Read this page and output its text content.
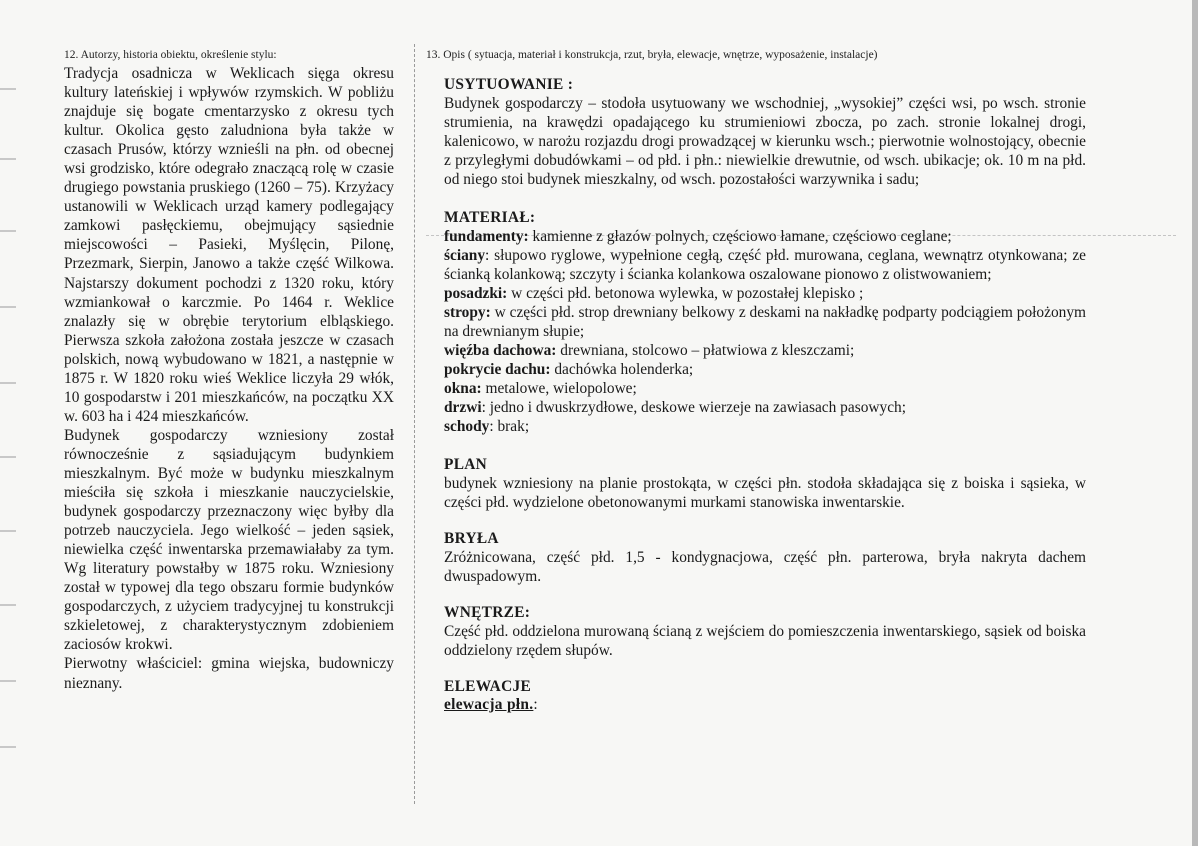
12. Autorzy, historia obiektu, określenie stylu:

Tradycja osadnicza w Weklicach sięga okresu kultury lateńskiej i wpływów rzymskich. W pobliżu znajduje się bogate cmentarzysko z okresu tych kultur. Okolica gęsto zaludniona była także w czasach Prusów, którzy wznieśli na płn. od obecnej wsi grodzisko, które odegrało znaczącą rolę w czasie drugiego powstania pruskiego (1260 – 75). Krzyżacy ustanowili w Weklicach urząd kamery podlegający zamkowi pasłęckiemu, obejmujący sąsiednie miejscowości – Pasieki, Myślęcin, Pilonę, Przezmark, Sierpin, Janowo a także część Wilkowa. Najstarszy dokument pochodzi z 1320 roku, który wzmiankował o karczmie. Po 1464 r. Weklice znalazły się w obrębie terytorium elbląskiego. Pierwsza szkoła założona została jeszcze w czasach polskich, nową wybudowano w 1821, a następnie w 1875 r. W 1820 roku wieś Weklice liczyła 29 włók, 10 gospodarstw i 201 mieszkańców, na początku XX w. 603 ha i 424 mieszkańców.

Budynek gospodarczy wzniesiony został równocześnie z sąsiadującym budynkiem mieszkalnym. Być może w budynku mieszkalnym mieściła się szkoła i mieszkanie nauczycielskie, budynek gospodarczy przeznaczony więc byłby dla potrzeb nauczyciela. Jego wielkość – jeden sąsiek, niewielka część inwentarska przemawiałaby za tym. Wg literatury powstałby w 1875 roku. Wzniesiony został w typowej dla tego obszaru formie budynków gospodarczych, z użyciem tradycyjnej tu konstrukcji szkieletowej, z charakterystycznym zdobieniem zaciosów krokwi.

Pierwotny właściciel: gmina wiejska, budowniczy nieznany.

13. Opis ( sytuacja, materiał i konstrukcja, rzut, bryła, elewacje, wnętrze, wyposażenie, instalacje)
USYTUOWANIE :
Budynek gospodarczy – stodoła usytuowany we wschodniej, „wysokiej” części wsi, po wsch. stronie strumienia, na krawędzi opadającego ku strumieniowi zbocza, po zach. stronie lokalnej drogi, kalenicowo, w narożu rozjazdu drogi prowadzącej w kierunku wsch.; pierwotnie wolnostojący, obecnie z przyległymi dobudówkami – od płd. i płn.: niewielkie drewutnie, od wsch. ubikacje; ok. 10 m na płd. od niego stoi budynek mieszkalny, od wsch. pozostałości warzywnika i sadu;
MATERIAŁ:
fundamenty: kamienne z głazów polnych, częściowo łamane, częściowo ceglane;
ściany: słupowo ryglowe, wypełnione cegłą, część płd. murowana, ceglana, wewnątrz otynkowana; ze ścianką kolankową; szczyty i ścianka kolankowa oszalowane pionowo z olistwowaniem;
posadzki: w części płd. betonowa wylewka, w pozostałej klepisko ;
stropy: w części płd. strop drewniany belkowy z deskami na nakładkę podparty podciągiem położonym na drewnianym słupie;
więźba dachowa: drewniana, stolcowo – płatwiowa z kleszczami;
pokrycie dachu: dachówka holenderka;
okna: metalowe, wielopolowe;
drzwi: jedno i dwuskrzydłowe, deskowe wierzeje na zawiasach pasowych;
schody: brak;
PLAN
budynek wzniesiony na planie prostokąta, w części płn. stodoła składająca się z boiska i sąsieka, w części płd. wydzielone obetonowanymi murkami stanowiska inwentarskie.
BRYŁA
Zróżnicowana, część płd. 1,5 - kondygnacjowa, część płn. parterowa, bryła nakryta dachem dwuspadowym.
WNĘTRZE:
Część płd. oddzielona murowaną ścianą z wejściem do pomieszczenia inwentarskiego, sąsiek od boiska oddzielony rzędem słupów.
ELEWACJE
elewacja płn.:
